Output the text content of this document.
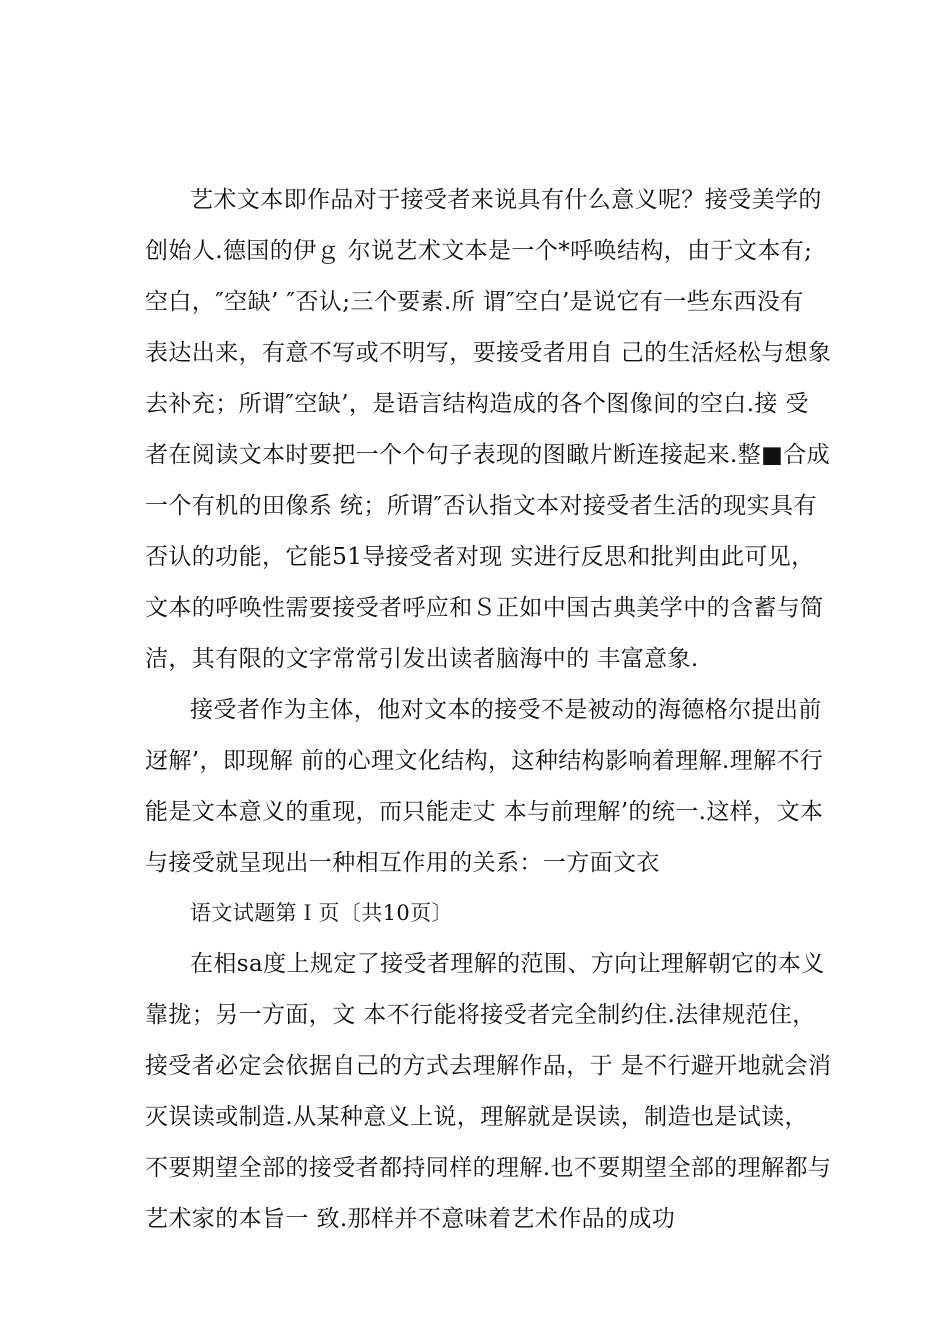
艺术文本即作品对于接受者来说具有什么意义呢？接受美学的
创始人.德国的伊ｇ 尔说艺术文本是一个*呼唤结构，由于文本有;
空白，″空缺’ ″否认;三个要素.所 谓″空白’是说它有一些东西没有
表达出来，有意不写或不明写，要接受者用自 己的生活烃松与想象
去补充；所谓″空缺’，是语言结构造成的各个图像间的空白.接 受
者在阅读文本时要把一个个句子表现的图瞰片断连接起来.整■合成
一个有机的田像系 统；所谓″否认指文本对接受者生活的现实具有
否认的功能，它能51导接受者对现 实进行反思和批判由此可见，
文本的呼唤性需要接受者呼应和Ｓ正如中国古典美学中的含蓄与简
洁，其有限的文字常常引发出读者脑海中的 丰富意象.
接受者作为主体，他对文本的接受不是被动的海德格尔提出前
迓解’，即现解 前的心理文化结构，这种结构影响着理解.理解不行
能是文本意义的重现，而只能走丈 本与前理解’的统一.这样，文本
与接受就呈现出一种相互作用的关系：一方面文衣
语文试题第Ｉ页〔共10页〕
在相sa度上规定了接受者理解的范围、方向让理解朝它的本义
靠拢；另一方面，文 本不行能将接受者完全制约住.法律规范住，
接受者必定会依据自己的方式去理解作品，于 是不行避开地就会消
灭误读或制造.从某种意义上说，理解就是误读，制造也是试读，
不要期望全部的接受者都持同样的理解.也不要期望全部的理解都与
艺术家的本旨一 致.那样并不意味着艺术作品的成功
